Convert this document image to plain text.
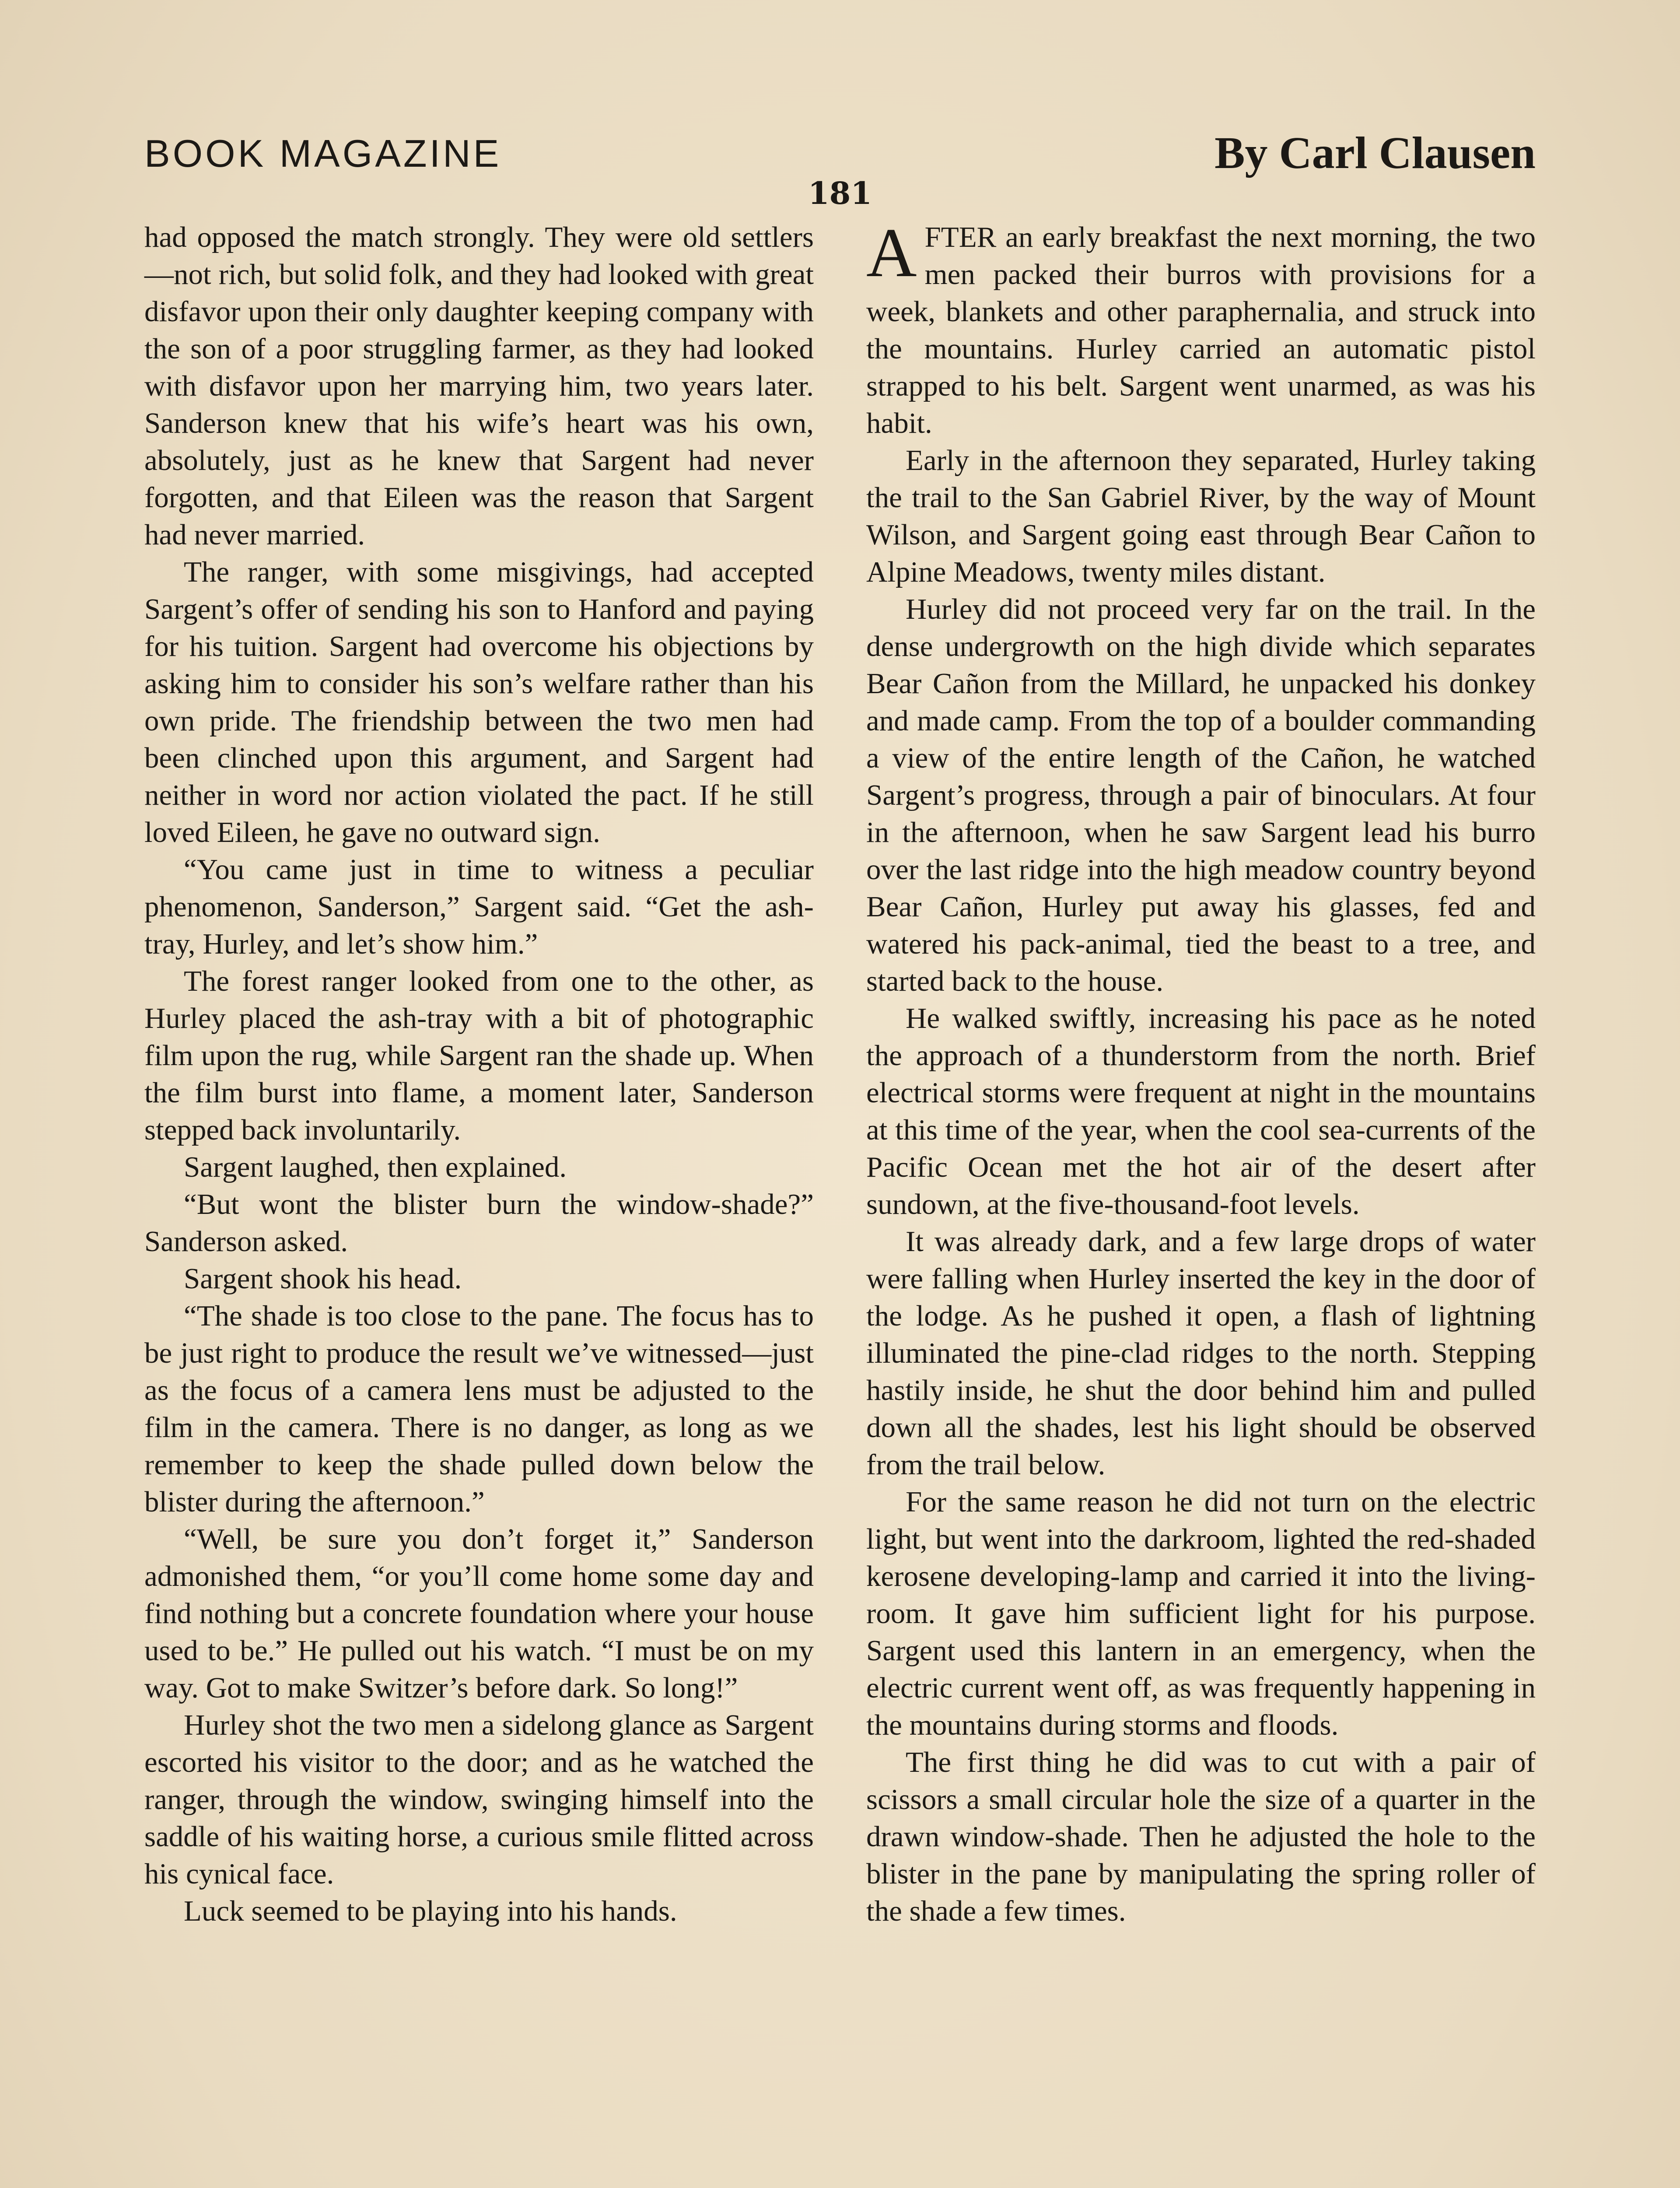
BOOK MAGAZINE	By Carl Clausen
181

had opposed the match strongly. They were old settlers—not rich, but solid folk, and they had looked with great disfavor upon their only daughter keeping company with the son of a poor struggling farmer, as they had looked with disfavor upon her marrying him, two years later. Sanderson knew that his wife’s heart was his own, absolutely, just as he knew that Sargent had never forgotten, and that Eileen was the reason that Sargent had never married.

The ranger, with some misgivings, had accepted Sargent’s offer of sending his son to Hanford and paying for his tuition. Sargent had overcome his objections by asking him to consider his son’s welfare rather than his own pride. The friendship between the two men had been clinched upon this argument, and Sargent had neither in word nor action violated the pact. If he still loved Eileen, he gave no outward sign.

“You came just in time to witness a peculiar phenomenon, Sanderson,” Sargent said. “Get the ash-tray, Hurley, and let’s show him.”

The forest ranger looked from one to the other, as Hurley placed the ash-tray with a bit of photographic film upon the rug, while Sargent ran the shade up. When the film burst into flame, a moment later, Sanderson stepped back involuntarily.

Sargent laughed, then explained.

“But wont the blister burn the window-shade?” Sanderson asked.

Sargent shook his head.

“The shade is too close to the pane. The focus has to be just right to produce the result we’ve witnessed—just as the focus of a camera lens must be adjusted to the film in the camera. There is no danger, as long as we remember to keep the shade pulled down below the blister during the afternoon.”

“Well, be sure you don’t forget it,” Sanderson admonished them, “or you’ll come home some day and find nothing but a concrete foundation where your house used to be.” He pulled out his watch. “I must be on my way. Got to make Switzer’s before dark. So long!”

Hurley shot the two men a sidelong glance as Sargent escorted his visitor to the door; and as he watched the ranger, through the window, swinging himself into the saddle of his waiting horse, a curious smile flitted across his cynical face.

Luck seemed to be playing into his hands.

AFTER an early breakfast the next morning, the two men packed their burros with provisions for a week, blankets and other paraphernalia, and struck into the mountains. Hurley carried an automatic pistol strapped to his belt. Sargent went unarmed, as was his habit.

Early in the afternoon they separated, Hurley taking the trail to the San Gabriel River, by the way of Mount Wilson, and Sargent going east through Bear Cañon to Alpine Meadows, twenty miles distant.

Hurley did not proceed very far on the trail. In the dense undergrowth on the high divide which separates Bear Cañon from the Millard, he unpacked his donkey and made camp. From the top of a boulder commanding a view of the entire length of the Cañon, he watched Sargent’s progress, through a pair of binoculars. At four in the afternoon, when he saw Sargent lead his burro over the last ridge into the high meadow country beyond Bear Cañon, Hurley put away his glasses, fed and watered his pack-animal, tied the beast to a tree, and started back to the house.

He walked swiftly, increasing his pace as he noted the approach of a thunderstorm from the north. Brief electrical storms were frequent at night in the mountains at this time of the year, when the cool sea-currents of the Pacific Ocean met the hot air of the desert after sundown, at the five-thousand-foot levels.

It was already dark, and a few large drops of water were falling when Hurley inserted the key in the door of the lodge. As he pushed it open, a flash of lightning illuminated the pine-clad ridges to the north. Stepping hastily inside, he shut the door behind him and pulled down all the shades, lest his light should be observed from the trail below.

For the same reason he did not turn on the electric light, but went into the darkroom, lighted the red-shaded kerosene developing-lamp and carried it into the living-room. It gave him sufficient light for his purpose. Sargent used this lantern in an emergency, when the electric current went off, as was frequently happening in the mountains during storms and floods.

The first thing he did was to cut with a pair of scissors a small circular hole the size of a quarter in the drawn window-shade. Then he adjusted the hole to the blister in the pane by manipulating the spring roller of the shade a few times.
